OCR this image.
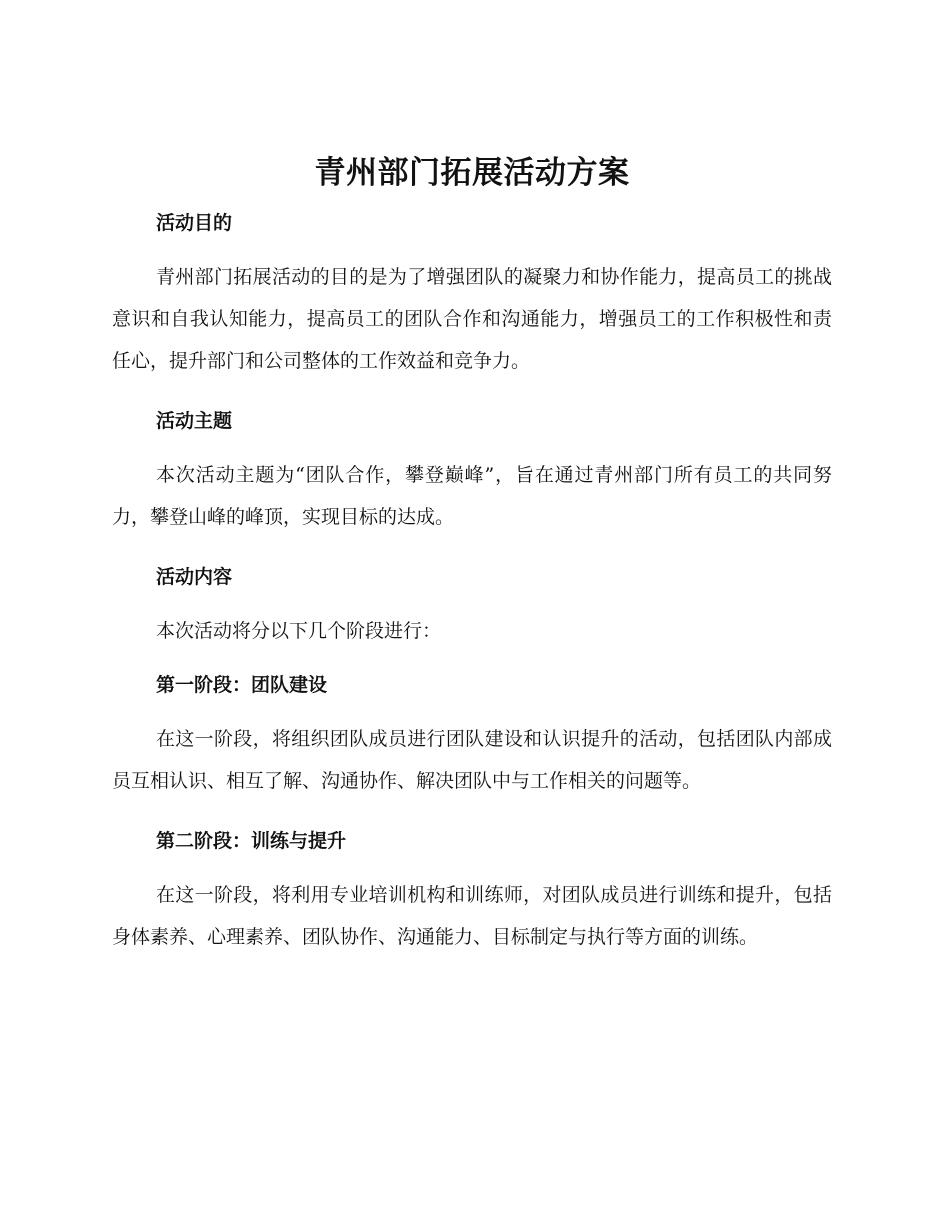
青州部门拓展活动方案
活动目的

青州部门拓展活动的目的是为了增强团队的凝聚力和协作能力，提高员工的挑战意识和自我认知能力，提高员工的团队合作和沟通能力，增强员工的工作积极性和责任心，提升部门和公司整体的工作效益和竞争力。

活动主题

本次活动主题为“团队合作，攀登巅峰”，旨在通过青州部门所有员工的共同努力，攀登山峰的峰顶，实现目标的达成。

活动内容

本次活动将分以下几个阶段进行：

第一阶段：团队建设

在这一阶段，将组织团队成员进行团队建设和认识提升的活动，包括团队内部成员互相认识、相互了解、沟通协作、解决团队中与工作相关的问题等。

第二阶段：训练与提升

在这一阶段，将利用专业培训机构和训练师，对团队成员进行训练和提升，包括身体素养、心理素养、团队协作、沟通能力、目标制定与执行等方面的训练。
